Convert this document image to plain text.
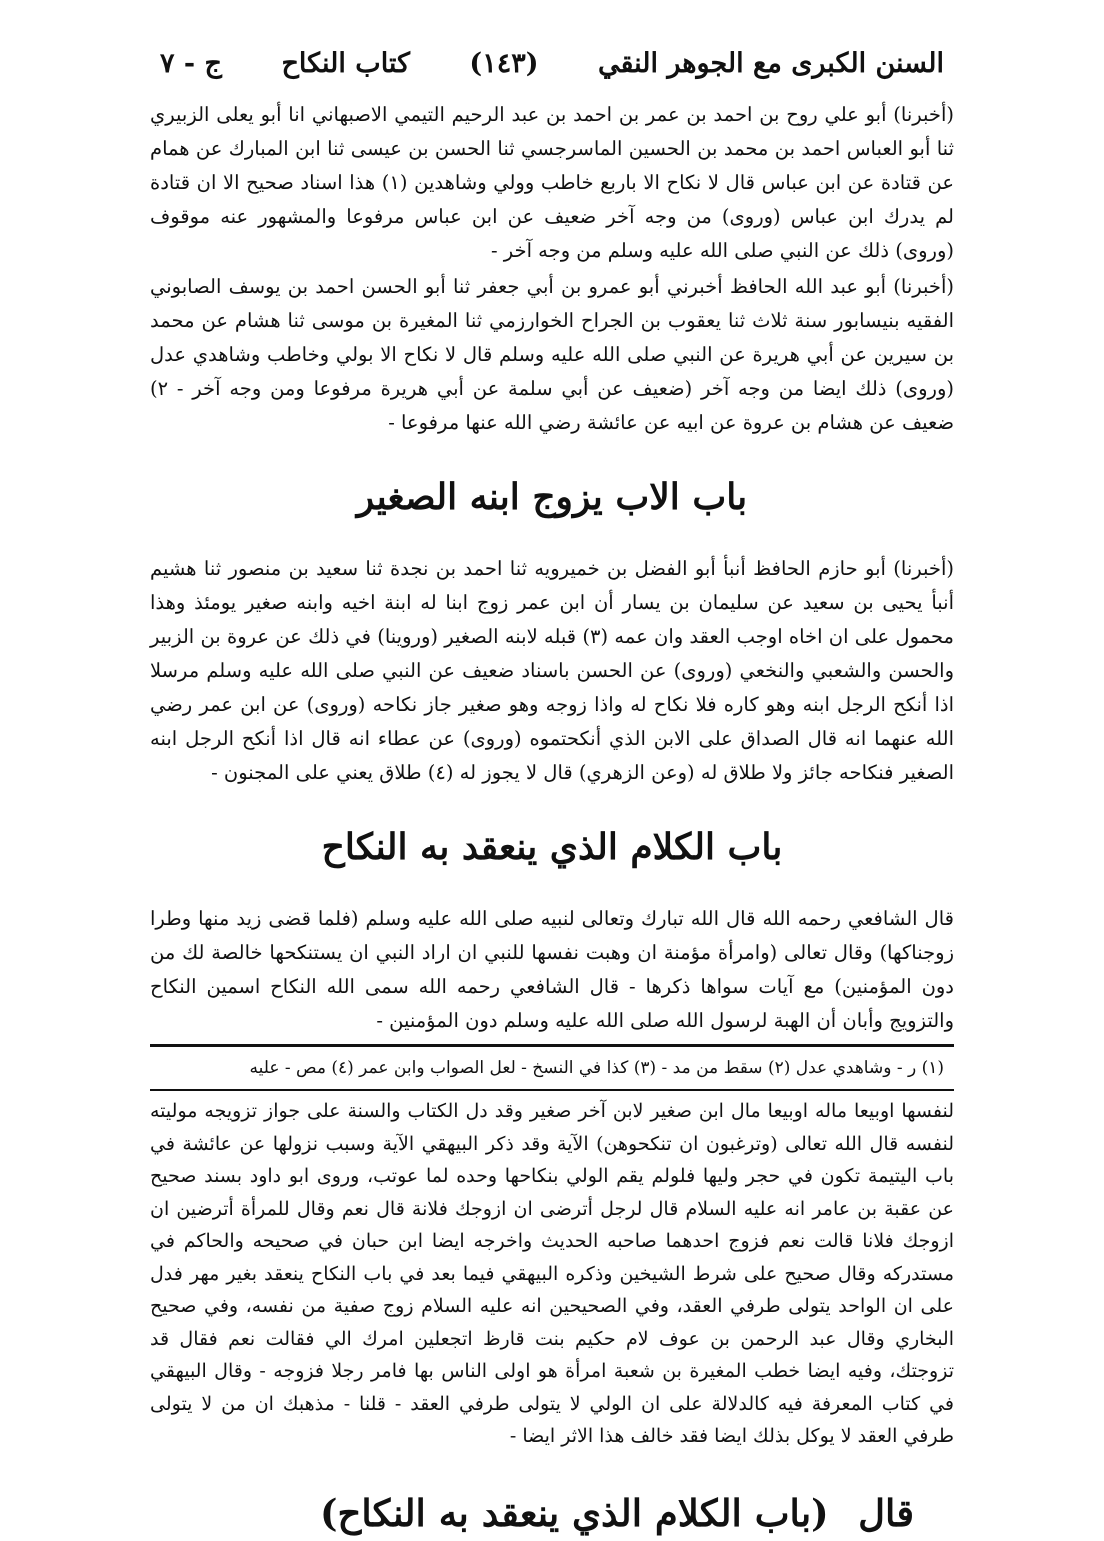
السنن الكبرى مع الجوهر النقي
(١٤٣)
كتاب النكاح
ج - ٧

(أخبرنا) أبو علي روح بن احمد بن عمر بن احمد بن عبد الرحيم التيمي الاصبهاني انا أبو يعلى الزبيري ثنا أبو العباس احمد بن محمد بن الحسين الماسرجسي ثنا الحسن بن عيسى ثنا ابن المبارك عن همام عن قتادة عن ابن عباس قال لا نكاح الا باربع خاطب وولي وشاهدين (١) هذا اسناد صحيح الا ان قتادة لم يدرك ابن عباس (وروى) من وجه آخر ضعيف عن ابن عباس مرفوعا والمشهور عنه موقوف (وروى) ذلك عن النبي صلى الله عليه وسلم من وجه آخر -

(أخبرنا) أبو عبد الله الحافظ أخبرني أبو عمرو بن أبي جعفر ثنا أبو الحسن احمد بن يوسف الصابوني الفقيه بنيسابور سنة ثلاث ثنا يعقوب بن الجراح الخوارزمي ثنا المغيرة بن موسى ثنا هشام عن محمد بن سيرين عن أبي هريرة عن النبي صلى الله عليه وسلم قال لا نكاح الا بولي وخاطب وشاهدي عدل (وروى) ذلك ايضا من وجه آخر (ضعيف عن أبي سلمة عن أبي هريرة مرفوعا ومن وجه آخر - ٢) ضعيف عن هشام بن عروة عن ابيه عن عائشة رضي الله عنها مرفوعا -

باب الاب يزوج ابنه الصغير

(أخبرنا) أبو حازم الحافظ أنبأ أبو الفضل بن خميرويه ثنا احمد بن نجدة ثنا سعيد بن منصور ثنا هشيم أنبأ يحيى بن سعيد عن سليمان بن يسار أن ابن عمر زوج ابنا له ابنة اخيه وابنه صغير يومئذ وهذا محمول على ان اخاه اوجب العقد وان عمه (٣) قبله لابنه الصغير (وروينا) في ذلك عن عروة بن الزبير والحسن والشعبي والنخعي (وروى) عن الحسن باسناد ضعيف عن النبي صلى الله عليه وسلم مرسلا اذا أنكح الرجل ابنه وهو كاره فلا نكاح له واذا زوجه وهو صغير جاز نكاحه (وروى) عن ابن عمر رضي الله عنهما انه قال الصداق على الابن الذي أنكحتموه (وروى) عن عطاء انه قال اذا أنكح الرجل ابنه الصغير فنكاحه جائز ولا طلاق له (وعن الزهري) قال لا يجوز له (٤) طلاق يعني على المجنون -

باب الكلام الذي ينعقد به النكاح

قال الشافعي رحمه الله قال الله تبارك وتعالى لنبيه صلى الله عليه وسلم (فلما قضى زيد منها وطرا زوجناكها) وقال تعالى (وامرأة مؤمنة ان وهبت نفسها للنبي ان اراد النبي ان يستنكحها خالصة لك من دون المؤمنين) مع آيات سواها ذكرها - قال الشافعي رحمه الله سمى الله النكاح اسمين النكاح والتزويج وأبان أن الهبة لرسول الله صلى الله عليه وسلم دون المؤمنين -

(١) ر - وشاهدي عدل (٢) سقط من مد - (٣) كذا في النسخ - لعل الصواب وابن عمر (٤) مص - عليه

لنفسها اوبيعا ماله اوبيعا مال ابن صغير لابن آخر صغير وقد دل الكتاب والسنة على جواز تزويجه موليته لنفسه قال الله تعالى (وترغبون ان تنكحوهن) الآية وقد ذكر البيهقي الآية وسبب نزولها عن عائشة في باب اليتيمة تكون في حجر وليها فلولم يقم الولي بنكاحها وحده لما عوتب، وروى ابو داود بسند صحيح عن عقبة بن عامر انه عليه السلام قال لرجل أترضى ان ازوجك فلانة قال نعم وقال للمرأة أترضين ان ازوجك فلانا قالت نعم فزوج احدهما صاحبه الحديث واخرجه ايضا ابن حبان في صحيحه والحاكم في مستدركه وقال صحيح على شرط الشيخين وذكره البيهقي فيما بعد في باب النكاح ينعقد بغير مهر فدل على ان الواحد يتولى طرفي العقد، وفي الصحيحين انه عليه السلام زوج صفية من نفسه، وفي صحيح البخاري وقال عبد الرحمن بن عوف لام حكيم بنت قارظ اتجعلين امرك الي فقالت نعم فقال قد تزوجتك، وفيه ايضا خطب المغيرة بن شعبة امرأة هو اولى الناس بها فامر رجلا فزوجه - وقال البيهقي في كتاب المعرفة فيه كالدلالة على ان الولي لا يتولى طرفي العقد - قلنا - مذهبك ان من لا يتولى طرفي العقد لا يوكل بذلك ايضا فقد خالف هذا الاثر ايضا -

قال
(باب الكلام الذي ينعقد به النكاح)
